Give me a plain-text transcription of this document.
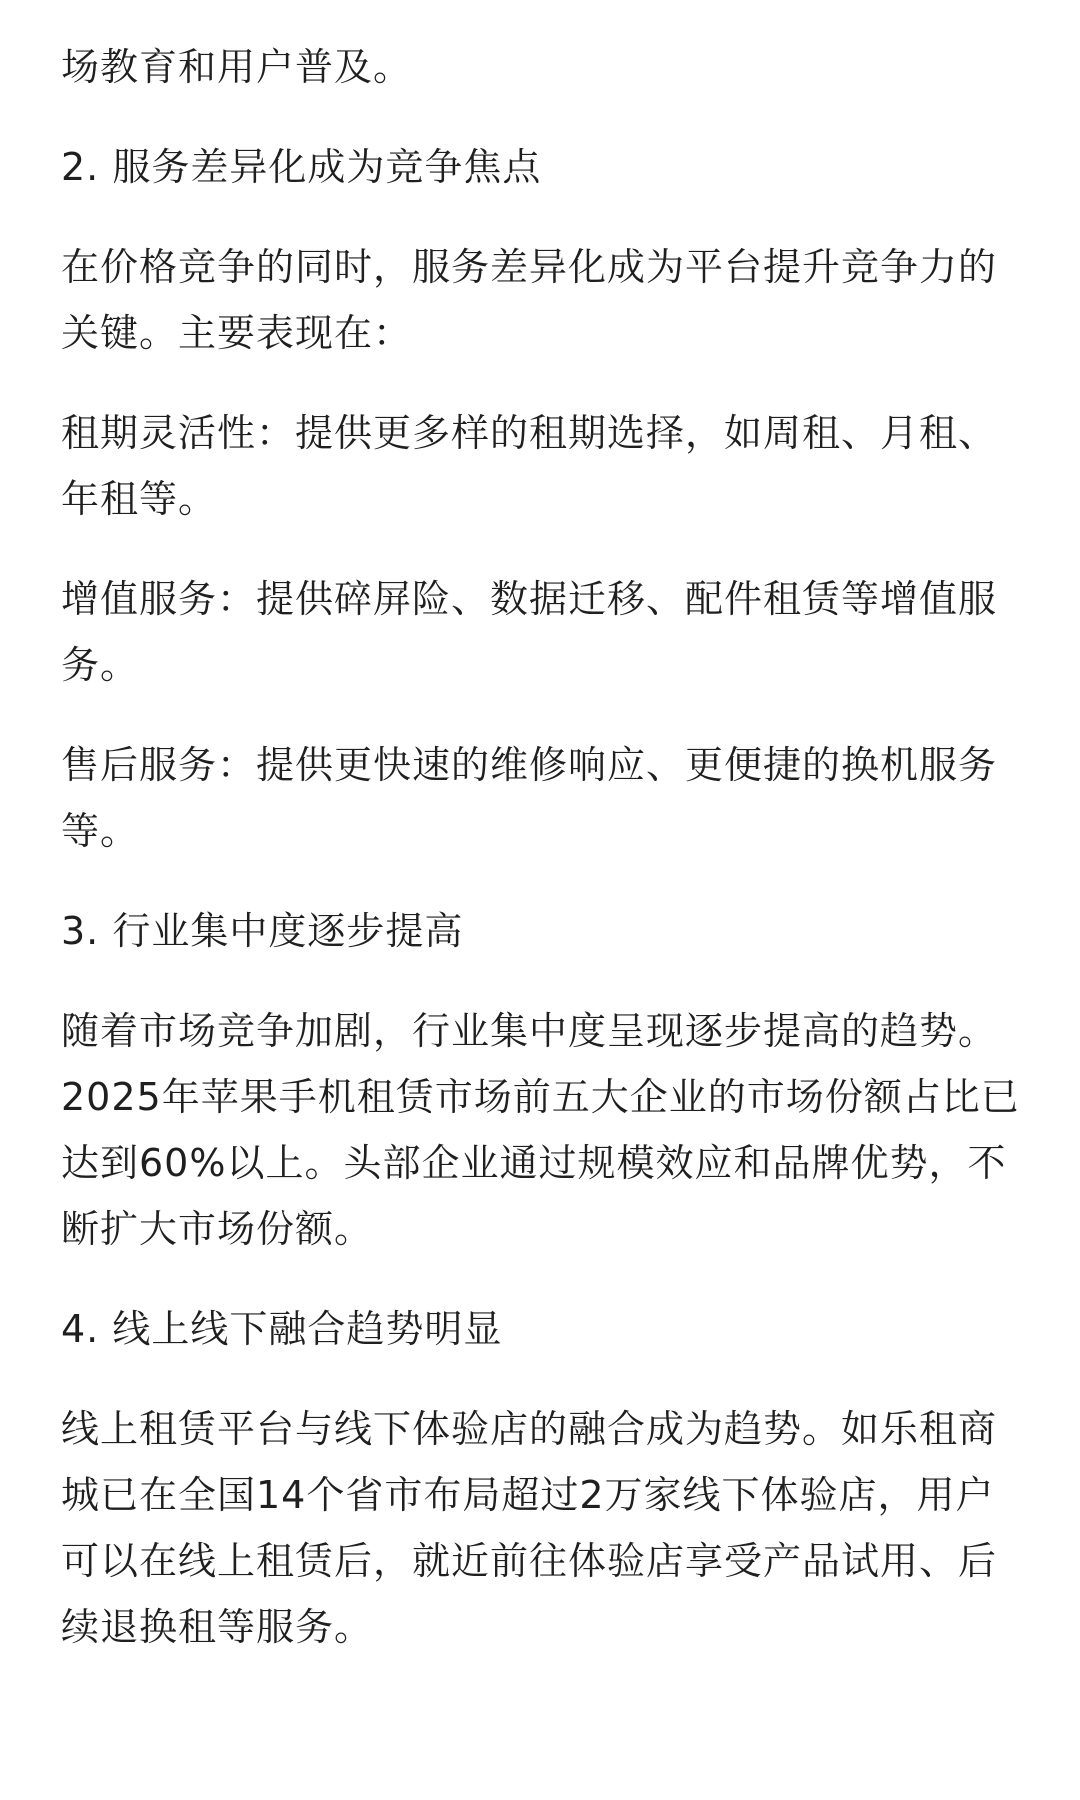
场教育和用户普及。

2. 服务差异化成为竞争焦点

在价格竞争的同时，服务差异化成为平台提升竞争力的关键。主要表现在：

租期灵活性：提供更多样的租期选择，如周租、月租、年租等。

增值服务：提供碎屏险、数据迁移、配件租赁等增值服务。

售后服务：提供更快速的维修响应、更便捷的换机服务等。

3. 行业集中度逐步提高

随着市场竞争加剧，行业集中度呈现逐步提高的趋势。2025年苹果手机租赁市场前五大企业的市场份额占比已达到60%以上。头部企业通过规模效应和品牌优势，不断扩大市场份额。

4. 线上线下融合趋势明显

线上租赁平台与线下体验店的融合成为趋势。如乐租商城已在全国14个省市布局超过2万家线下体验店，用户可以在线上租赁后，就近前往体验店享受产品试用、后续退换租等服务。
